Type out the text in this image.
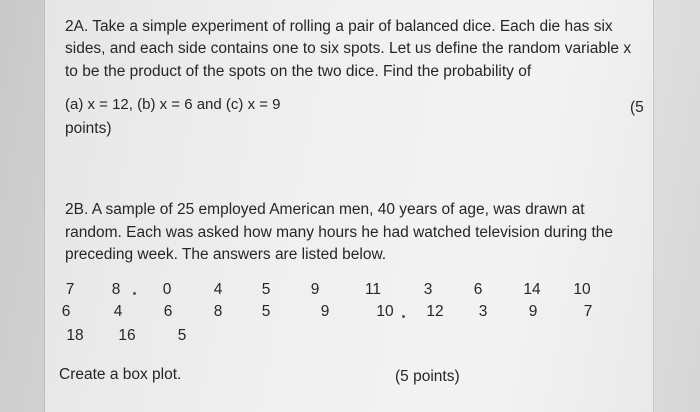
2A. Take a simple experiment of rolling a pair of balanced dice. Each die has six
sides, and each side contains one to six spots. Let us define the random variable x
to be the product of the spots on the two dice. Find the probability of
(a) x = 12, (b) x = 6 and (c) x = 9	(5
points)
2B. A sample of 25 employed American men, 40 years of age, was drawn at
random. Each was asked how many hours he had watched television during the
preceding week. The answers are listed below.
7	8	0	4	5	9	11	3	6	14	10
6	4	6	8	5	9	10	12	3	9	7
18	16	5
Create a box plot.	(5 points)
